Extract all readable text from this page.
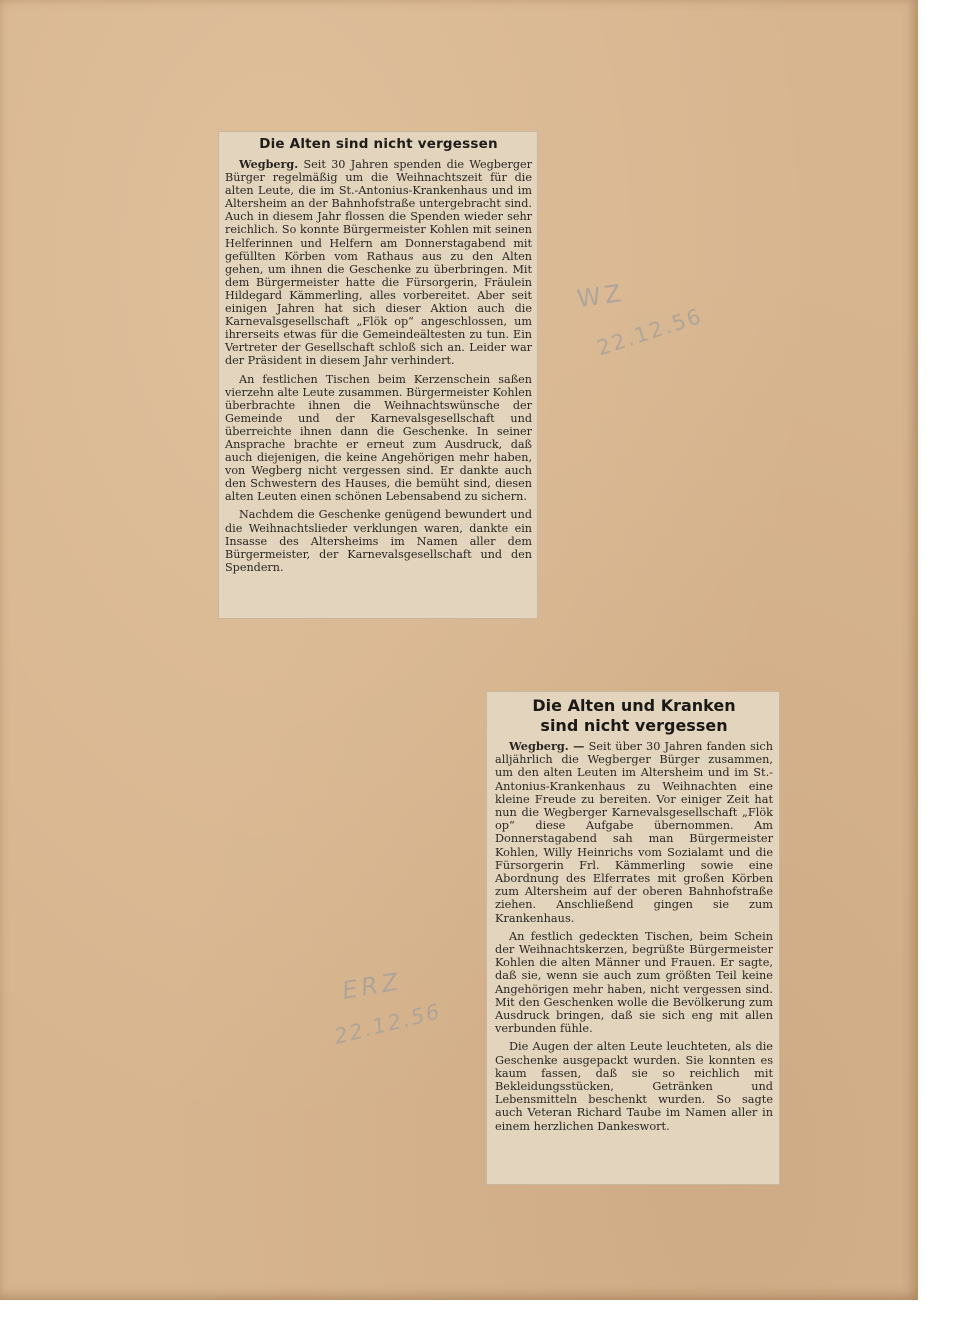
Die Alten sind nicht vergessen

Wegberg. Seit 30 Jahren spenden die Wegberger Bürger regelmäßig um die Weihnachtszeit für die alten Leute, die im St.-Antonius-Krankenhaus und im Altersheim an der Bahnhofstraße untergebracht sind. Auch in diesem Jahr flossen die Spenden wieder sehr reichlich. So konnte Bürgermeister Kohlen mit seinen Helferinnen und Helfern am Donnerstagabend mit gefüllten Körben vom Rathaus aus zu den Alten gehen, um ihnen die Geschenke zu überbringen. Mit dem Bürgermeister hatte die Fürsorgerin, Fräulein Hildegard Kämmerling, alles vorbereitet. Aber seit einigen Jahren hat sich dieser Aktion auch die Karnevalsgesellschaft „Flök op“ angeschlossen, um ihrerseits etwas für die Gemeindeältesten zu tun. Ein Vertreter der Gesellschaft schloß sich an. Leider war der Präsident in diesem Jahr verhindert.

An festlichen Tischen beim Kerzenschein saßen vierzehn alte Leute zusammen. Bürgermeister Kohlen überbrachte ihnen die Weihnachtswünsche der Gemeinde und der Karnevalsgesellschaft und überreichte ihnen dann die Geschenke. In seiner Ansprache brachte er erneut zum Ausdruck, daß auch diejenigen, die keine Angehörigen mehr haben, von Wegberg nicht vergessen sind. Er dankte auch den Schwestern des Hauses, die bemüht sind, diesen alten Leuten einen schönen Lebensabend zu sichern.

Nachdem die Geschenke genügend bewundert und die Weihnachtslieder verklungen waren, dankte ein Insasse des Altersheims im Namen aller dem Bürgermeister, der Karnevalsgesellschaft und den Spendern.

Die Alten und Kranken
sind nicht vergessen

Wegberg. — Seit über 30 Jahren fanden sich alljährlich die Wegberger Bürger zusammen, um den alten Leuten im Altersheim und im St.-Antonius-Krankenhaus zu Weihnachten eine kleine Freude zu bereiten. Vor einiger Zeit hat nun die Wegberger Karnevalsgesellschaft „Flök op“ diese Aufgabe übernommen. Am Donnerstagabend sah man Bürgermeister Kohlen, Willy Heinrichs vom Sozialamt und die Fürsorgerin Frl. Kämmerling sowie eine Abordnung des Elferrates mit großen Körben zum Altersheim auf der oberen Bahnhofstraße ziehen. Anschließend gingen sie zum Krankenhaus.

An festlich gedeckten Tischen, beim Schein der Weihnachtskerzen, begrüßte Bürgermeister Kohlen die alten Männer und Frauen. Er sagte, daß sie, wenn sie auch zum größten Teil keine Angehörigen mehr haben, nicht vergessen sind. Mit den Geschenken wolle die Bevölkerung zum Ausdruck bringen, daß sie sich eng mit allen verbunden fühle.

Die Augen der alten Leute leuchteten, als die Geschenke ausgepackt wurden. Sie konnten es kaum fassen, daß sie so reichlich mit Bekleidungsstücken, Getränken und Lebensmitteln beschenkt wurden. So sagte auch Veteran Richard Taube im Namen aller in einem herzlichen Dankeswort.

WZ
22.12.56
ERZ
22.12.56
